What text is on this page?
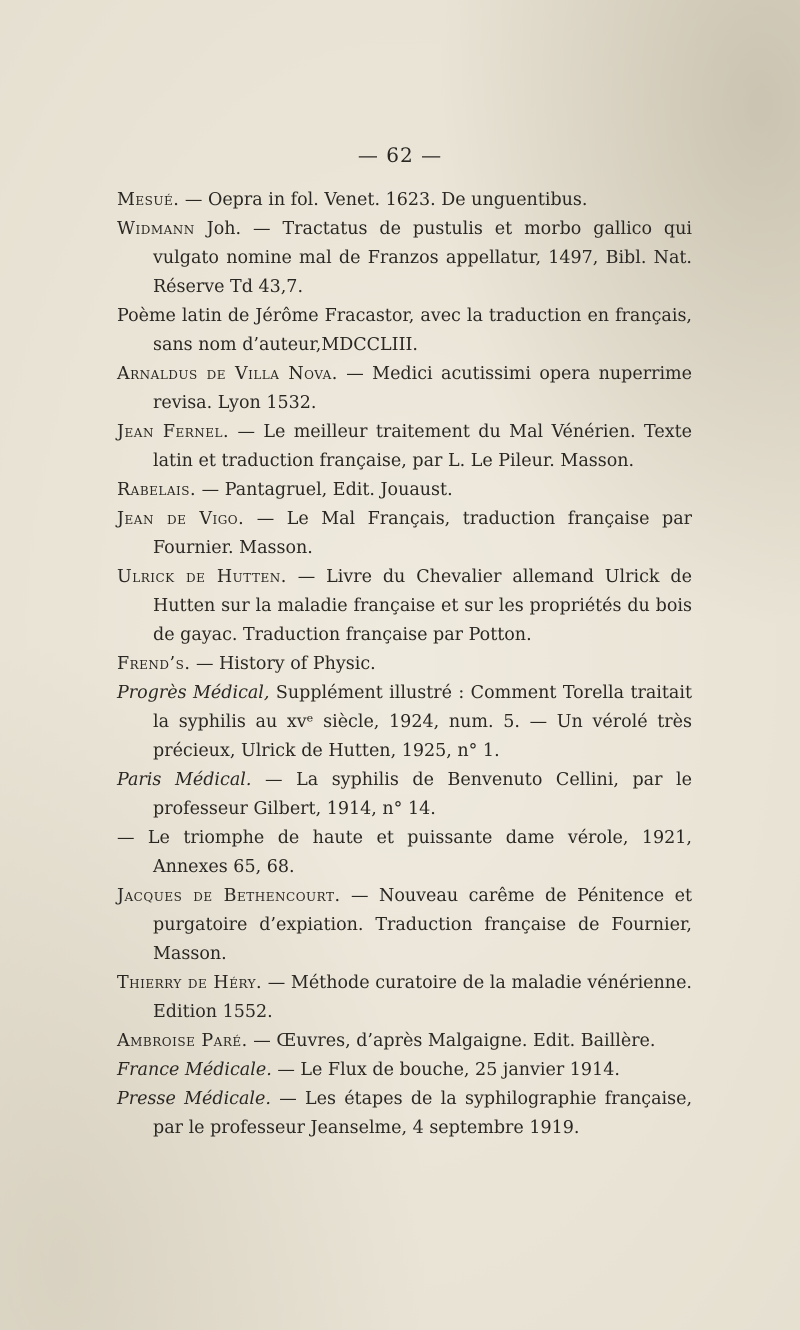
— 62 —

Mesué. — Oepra in fol. Venet. 1623. De unguentibus.

Widmann Joh. — Tractatus de pustulis et morbo gallico qui vulgato nomine mal de Franzos appellatur, 1497, Bibl. Nat. Réserve Td 43,7.

Poème latin de Jérôme Fracastor, avec la traduction en français, sans nom d’auteur,MDCCLIII.

Arnaldus de Villa Nova. — Medici acutissimi opera nuperrime revisa. Lyon 1532.

Jean Fernel. — Le meilleur traitement du Mal Vénérien. Texte latin et traduction française, par L. Le Pileur. Masson.

Rabelais. — Pantagruel, Edit. Jouaust.

Jean de Vigo. — Le Mal Français, traduction française par Fournier. Masson.

Ulrick de Hutten. — Livre du Chevalier allemand Ulrick de Hutten sur la maladie française et sur les propriétés du bois de gayac. Traduction française par Potton.

Frend’s. — History of Physic.

Progrès Médical, Supplément illustré : Comment Torella traitait la syphilis au xvᵉ siècle, 1924, num. 5. — Un vérolé très précieux, Ulrick de Hutten, 1925, n° 1.

Paris Médical. — La syphilis de Benvenuto Cellini, par le professeur Gilbert, 1914, n° 14.

— Le triomphe de haute et puissante dame vérole, 1921, Annexes 65, 68.

Jacques de Bethencourt. — Nouveau carême de Pénitence et purgatoire d’expiation. Traduction française de Fournier, Masson.

Thierry de Héry. — Méthode curatoire de la maladie vénérienne. Edition 1552.

Ambroise Paré. — Œuvres, d’après Malgaigne. Edit. Baillère.

France Médicale. — Le Flux de bouche, 25 janvier 1914.

Presse Médicale. — Les étapes de la syphilographie française, par le professeur Jeanselme, 4 septembre 1919.
